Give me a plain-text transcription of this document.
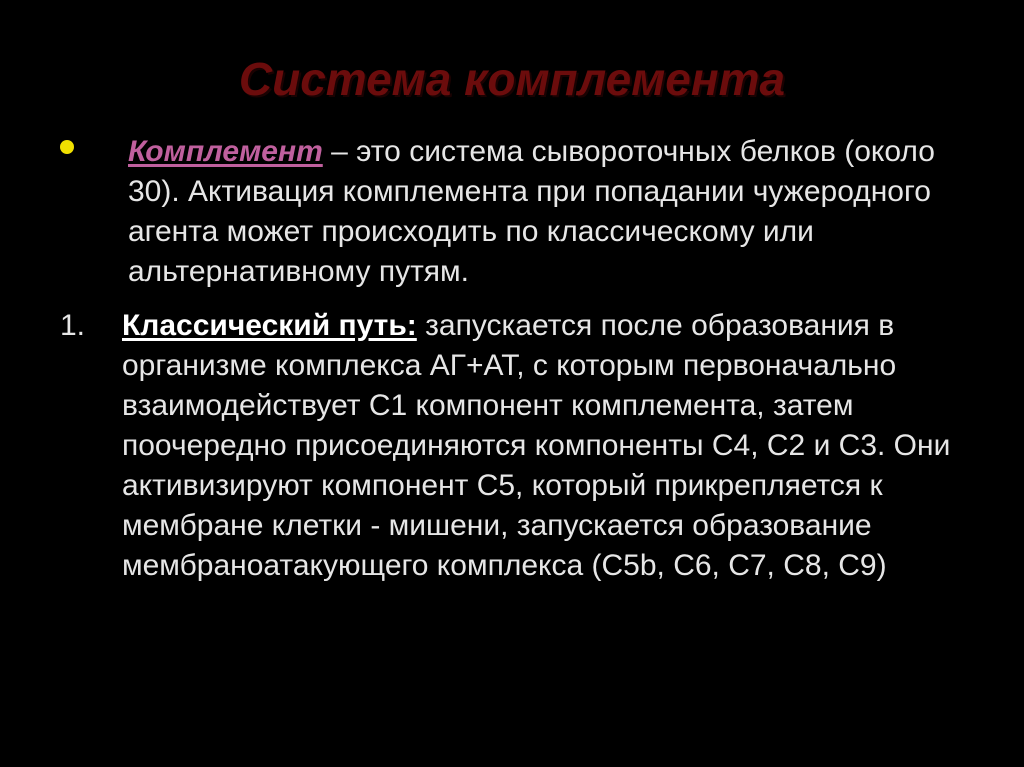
Система комплемента

Комплемент – это система сывороточных белков (около 30). Активация комплемента при попадании чужеродного агента может происходить по классическому или альтернативному путям.

1. Классический путь: запускается после образования в организме комплекса АГ+АТ, с которым первоначально взаимодействует С1 компонент комплемента, затем поочередно присоединяются компоненты С4, С2 и С3. Они активизируют компонент С5, который прикрепляется к мембране клетки - мишени, запускается образование мембраноатакующего комплекса (С5b, С6, С7, С8, С9)
